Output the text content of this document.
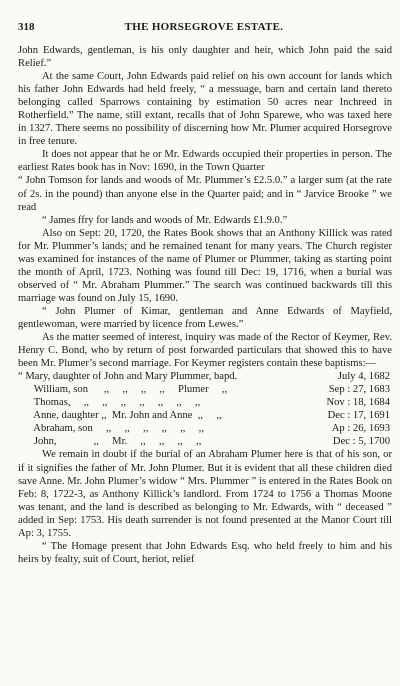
318	THE HORSEGROVE ESTATE.

John Edwards, gentleman, is his only daughter and heir, which John paid the said Relief.”

At the same Court, John Edwards paid relief on his own account for lands which his father John Edwards had held freely, “ a messuage, barn and certain land thereto belonging called Sparrows containing by estimation 50 acres near Inchreed in Rotherfield.” The name, still extant, recalls that of John Sparewe, who was taxed here in 1327. There seems no possibility of discerning how Mr. Plumer acquired Horsegrove in free tenure.

It does not appear that he or Mr. Edwards occupied their properties in person. The earliest Rates book has in Nov: 1690, in the Town Quarter

“ John Tomson for lands and woods of Mr. Plummer’s £2.5.0.” a larger sum (at the rate of 2s. in the pound) than anyone else in the Quarter paid; and in “ Jarvice Brooke ” we read

“ James ffry for lands and woods of Mr. Edwards £1.9.0.”

Also on Sept: 20, 1720, the Rates Book shows that an Anthony Killick was rated for Mr. Plummer’s lands; and he remained tenant for many years. The Church register was examined for instances of the name of Plumer or Plummer, taking as starting point the month of April, 1723. Nothing was found till Dec: 19, 1716, when a burial was observed of “ Mr. Abraham Plummer.” The search was continued backwards till this marriage was found on July 15, 1690.

“ John Plumer of Kimar, gentleman and Anne Edwards of Mayfield, gentlewoman, were married by licence from Lewes.”

As the matter seemed of interest, inquiry was made of the Rector of Keymer, Rev. Henry C. Bond, who by return of post forwarded particulars that showed this to have been Mr. Plumer’s second marriage. For Keymer registers contain these baptisms:—

“ Mary, daughter of John and Mary Plummer, bapd.	July 4, 1682
William, son      ,,     ,,     ,,     ,,     Plumer     ,,	Sep : 27, 1683
Thomas,     ,,     ,,     ,,     ,,     ,,     ,,     ,,	Nov : 18, 1684
Anne, daughter ,,  Mr. John and Anne  ,,     ,,	Dec : 17, 1691
Abraham, son     ,,     ,,     ,,     ,,     ,,     ,,	Ap : 26, 1693
John,              ,,     Mr.     ,,     ,,     ,,     ,,	Dec : 5, 1700

We remain in doubt if the burial of an Abraham Plumer here is that of his son, or if it signifies the father of Mr. John Plumer. But it is evident that all these children died save Anne. Mr. John Plumer’s widow “ Mrs. Plummer ” is entered in the Rates Book on Feb: 8, 1722-3, as Anthony Killick’s landlord. From 1724 to 1756 a Thomas Moone was tenant, and the land is described as belonging to Mr. Edwards, with “ deceased ” added in Sep: 1753. His death surrender is not found presented at the Manor Court till Ap: 3, 1755.

“ The Homage present that John Edwards Esq. who held freely to him and his heirs by fealty, suit of Court, heriot, relief
